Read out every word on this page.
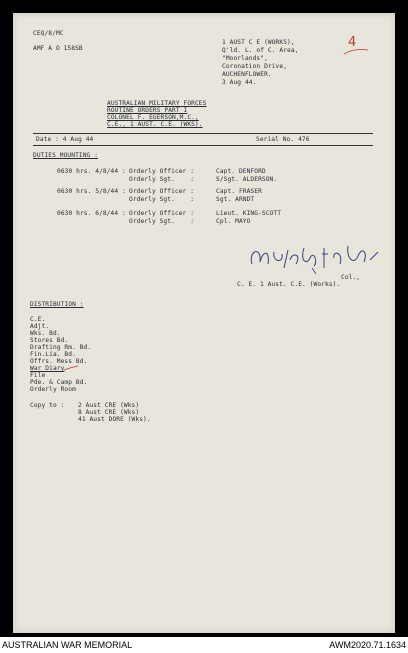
CEQ/8/MC
AMF A O 158SB
1 AUST C E (WORKS),
Q'ld. L. of C. Area,
"Moorlands",
Coronation Drive,
AUCHENFLOWER.
3 Aug 44.
4
AUSTRALIAN MILITARY FORCES
ROUTINE ORDERS PART I
COLONEL F. EGERSON,M.C.,
C.E., 1 AUST. C.E. (WKS).
Date : 4 Aug 44	Serial No. 476
DUTIES MOUNTING :
0630 hrs. 4/8/44 : Orderly Officer :	Capt. DENFORD
Orderly Sgt.    :	S/Sgt. ALDERSON.
0630 hrs. 5/8/44 : Orderly Officer :	Capt. FRASER
Orderly Sgt.    :	Sgt. ARNDT
0630 hrs. 6/8/44 : Orderly Officer :	Lieut. KING-SCOTT
Orderly Sgt.    :	Cpl. MAYO
Col.,
C. E. 1 Aust. C.E. (Works).
DISTRIBUTION :
C.E.
Adjt.
Wks. Bd.
Stores Bd.
Drafting Rm. Bd.
Fin.Lia. Bd.
Offrs. Mess Bd.
War Diary
File
Pde. & Camp Bd.
Orderly Room
Copy to : 2 Aust CRE (Wks)
8 Aust CRE (Wks)
41 Aust DORE (Wks).
AUSTRALIAN WAR MEMORIAL	AWM2020.71.1634
